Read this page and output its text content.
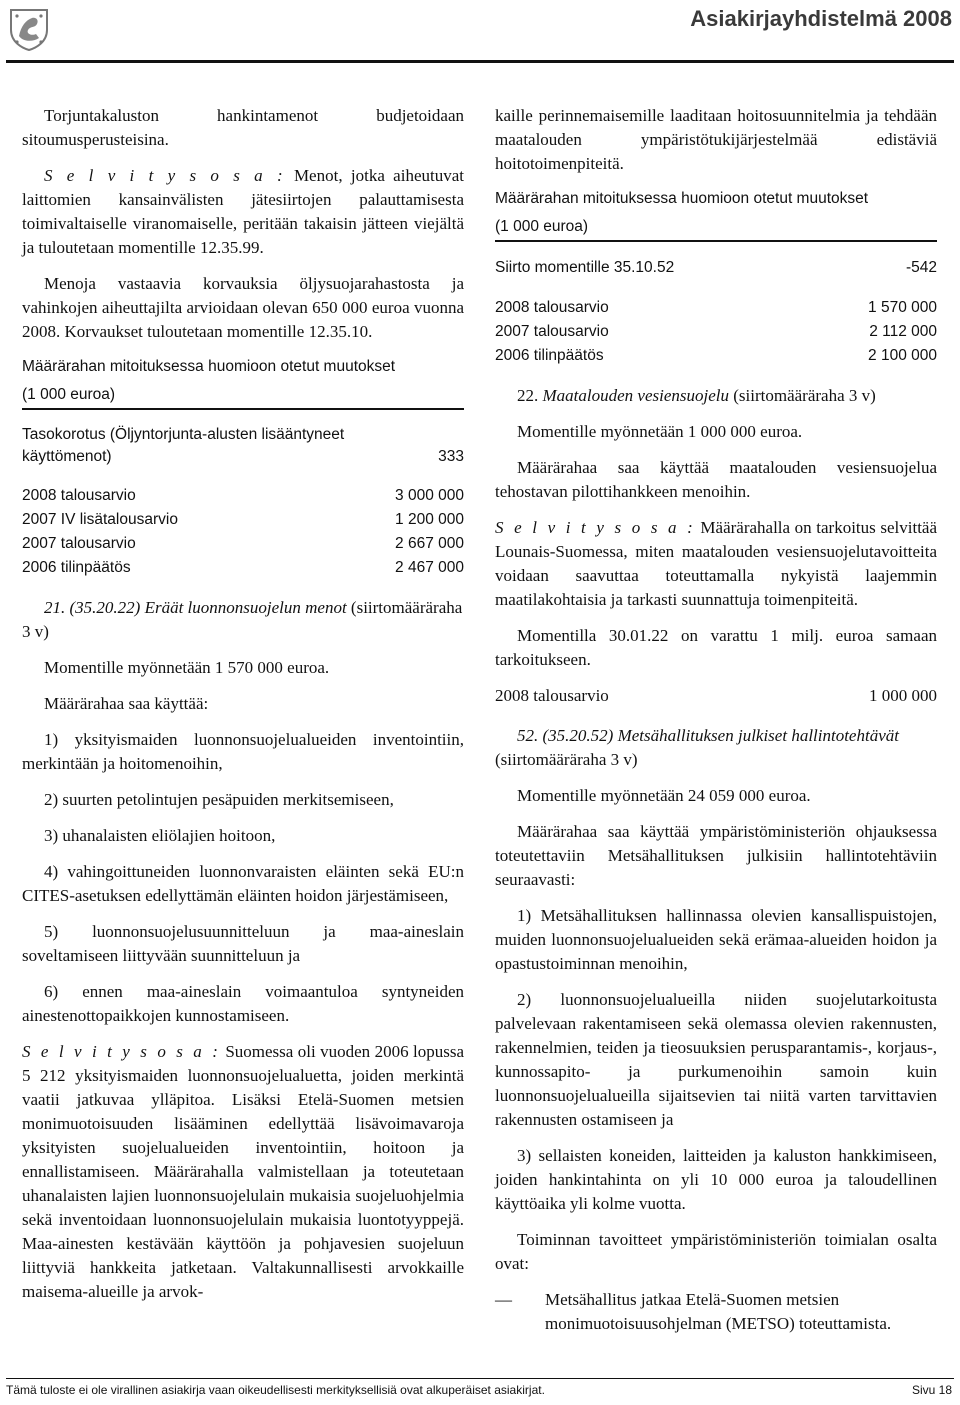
Asiakirjayhdistelmä 2008

Torjuntakaluston hankintamenot budjetoidaan sitoumusperusteisina.

S e l v i t y s o s a : Menot, jotka aiheutuvat laittomien kansainvälisten jätesiirtojen palauttamisesta toimivaltaiselle viranomaiselle, peritään takaisin jätteen viejältä ja tuloutetaan momentille 12.35.99.

Menoja vastaavia korvauksia öljysuojarahastosta ja vahinkojen aiheuttajilta arvioidaan olevan 650 000 euroa vuonna 2008. Korvaukset tuloutetaan momentille 12.35.10.

Määrärahan mitoituksessa huomioon otetut muutokset
(1 000 euroa)
Tasokorotus (Öljyntorjunta-alusten lisääntyneet
käyttömenot)	333
2008 talousarvio	3 000 000
2007 IV lisätalousarvio	1 200 000
2007 talousarvio	2 667 000
2006 tilinpäätös	2 467 000

21. (35.20.22) Eräät luonnonsuojelun menot (siirtomääräraha 3 v)

Momentille myönnetään 1 570 000 euroa.

Määrärahaa saa käyttää:

1) yksityismaiden luonnonsuojelualueiden inventointiin, merkintään ja hoitomenoihin,

2) suurten petolintujen pesäpuiden merkitsemiseen,

3) uhanalaisten eliölajien hoitoon,

4) vahingoittuneiden luonnonvaraisten eläinten sekä EU:n CITES-asetuksen edellyttämän eläinten hoidon järjestämiseen,

5) luonnonsuojelusuunnitteluun ja maa-aineslain soveltamiseen liittyvään suunnitteluun ja

6) ennen maa-aineslain voimaantuloa syntyneiden ainestenottopaikkojen kunnostamiseen.

S e l v i t y s o s a : Suomessa oli vuoden 2006 lopussa 5 212 yksityismaiden luonnonsuojelualuetta, joiden merkintä vaatii jatkuvaa ylläpitoa. Lisäksi Etelä-Suomen metsien monimuotoisuuden lisääminen edellyttää lisävoimavaroja yksityisten suojelualueiden inventointiin, hoitoon ja ennallistamiseen. Määrärahalla valmistellaan ja toteutetaan uhanalaisten lajien luonnonsuojelulain mukaisia suojeluohjelmia sekä inventoidaan luonnonsuojelulain mukaisia luontotyyppejä. Maa-ainesten kestävään käyttöön ja pohjavesien suojeluun liittyviä hankkeita jatketaan. Valtakunnallisesti arvokkaille maisema-alueille ja arvok-

kaille perinnemaisemille laaditaan hoitosuunnitelmia ja tehdään maatalouden ympäristötukijärjestelmää edistäviä hoitotoimenpiteitä.

Määrärahan mitoituksessa huomioon otetut muutokset
(1 000 euroa)
Siirto momentille 35.10.52	-542
2008 talousarvio	1 570 000
2007 talousarvio	2 112 000
2006 tilinpäätös	2 100 000

22. Maatalouden vesiensuojelu (siirtomääräraha 3 v)

Momentille myönnetään 1 000 000 euroa.

Määrärahaa saa käyttää maatalouden vesiensuojelua tehostavan pilottihankkeen menoihin.

S e l v i t y s o s a : Määrärahalla on tarkoitus selvittää Lounais-Suomessa, miten maatalouden vesiensuojelutavoitteita voidaan saavuttaa toteuttamalla nykyistä laajemmin maatilakohtaisia ja tarkasti suunnattuja toimenpiteitä.

Momentilla 30.01.22 on varattu 1 milj. euroa samaan tarkoitukseen.

2008 talousarvio	1 000 000

52. (35.20.52) Metsähallituksen julkiset hallintotehtävät (siirtomääräraha 3 v)

Momentille myönnetään 24 059 000 euroa.

Määrärahaa saa käyttää ympäristöministeriön ohjauksessa toteutettaviin Metsähallituksen julkisiin hallintotehtäviin seuraavasti:

1) Metsähallituksen hallinnassa olevien kansallispuistojen, muiden luonnonsuojelualueiden sekä erämaa-alueiden hoidon ja opastustoiminnan menoihin,

2) luonnonsuojelualueilla niiden suojelutarkoitusta palvelevaan rakentamiseen sekä olemassa olevien rakennusten, rakennelmien, teiden ja tieosuuksien perusparantamis-, korjaus-, kunnossapito- ja purkumenoihin samoin kuin luonnonsuojelualueilla sijaitsevien tai niitä varten tarvittavien rakennusten ostamiseen ja

3) sellaisten koneiden, laitteiden ja kaluston hankkimiseen, joiden hankintahinta on yli 10 000 euroa ja taloudellinen käyttöaika yli kolme vuotta.

Toiminnan tavoitteet ympäristöministeriön toimialan osalta ovat:

—	Metsähallitus jatkaa Etelä-Suomen metsien monimuotoisuusohjelman (METSO) toteuttamista.
Tämä tuloste ei ole virallinen asiakirja vaan oikeudellisesti merkityksellisiä ovat alkuperäiset asiakirjat.	Sivu 18
